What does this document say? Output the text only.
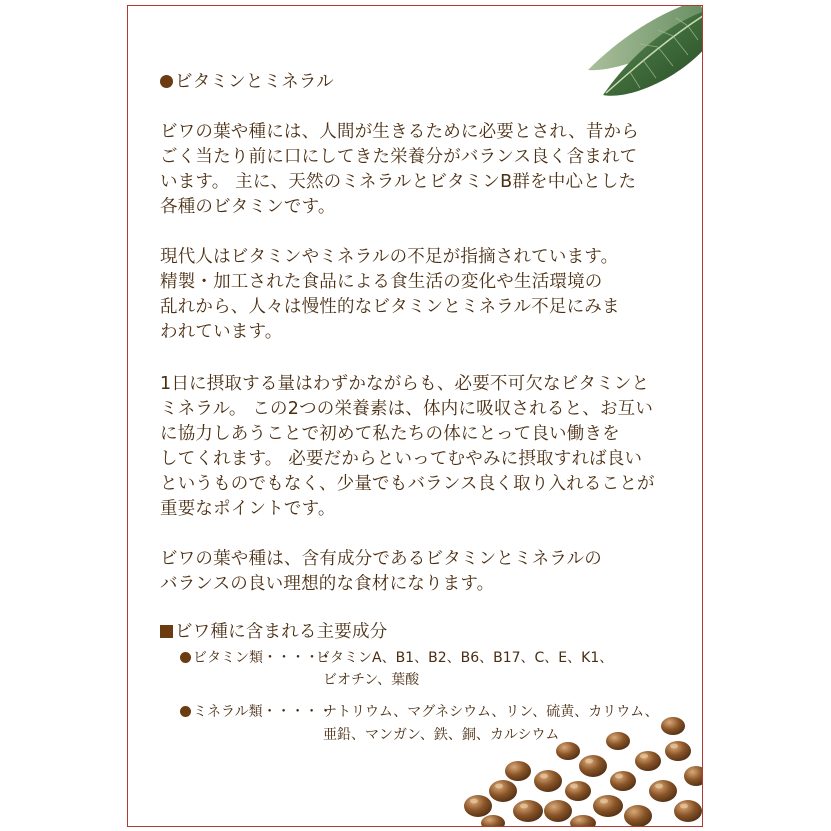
ビタミンとミネラル
ビワの葉や種には、人間が生きるために必要とされ、昔から
ごく当たり前に口にしてきた栄養分がバランス良く含まれて
います。 主に、天然のミネラルとビタミンB群を中心とした
各種のビタミンです。
現代人はビタミンやミネラルの不足が指摘されています。
精製・加工された食品による食生活の変化や生活環境の
乱れから、人々は慢性的なビタミンとミネラル不足にみま
われています。
1日に摂取する量はわずかながらも、必要不可欠なビタミンと
ミネラル。 この2つの栄養素は、体内に吸収されると、お互い
に協力しあうことで初めて私たちの体にとって良い働きを
してくれます。 必要だからといってむやみに摂取すれば良い
というものでもなく、少量でもバランス良く取り入れることが
重要なポイントです。
ビワの葉や種は、含有成分であるビタミンとミネラルの
バランスの良い理想的な食材になります。
ビワ種に含まれる主要成分
ビタミン類・・・・・
ビタミンA、B1、B2、B6、B17、C、E、K1、
ビオチン、葉酸
ミネラル類・・・・・
ナトリウム、マグネシウム、リン、硫黄、カリウム、
亜鉛、マンガン、鉄、銅、カルシウム
